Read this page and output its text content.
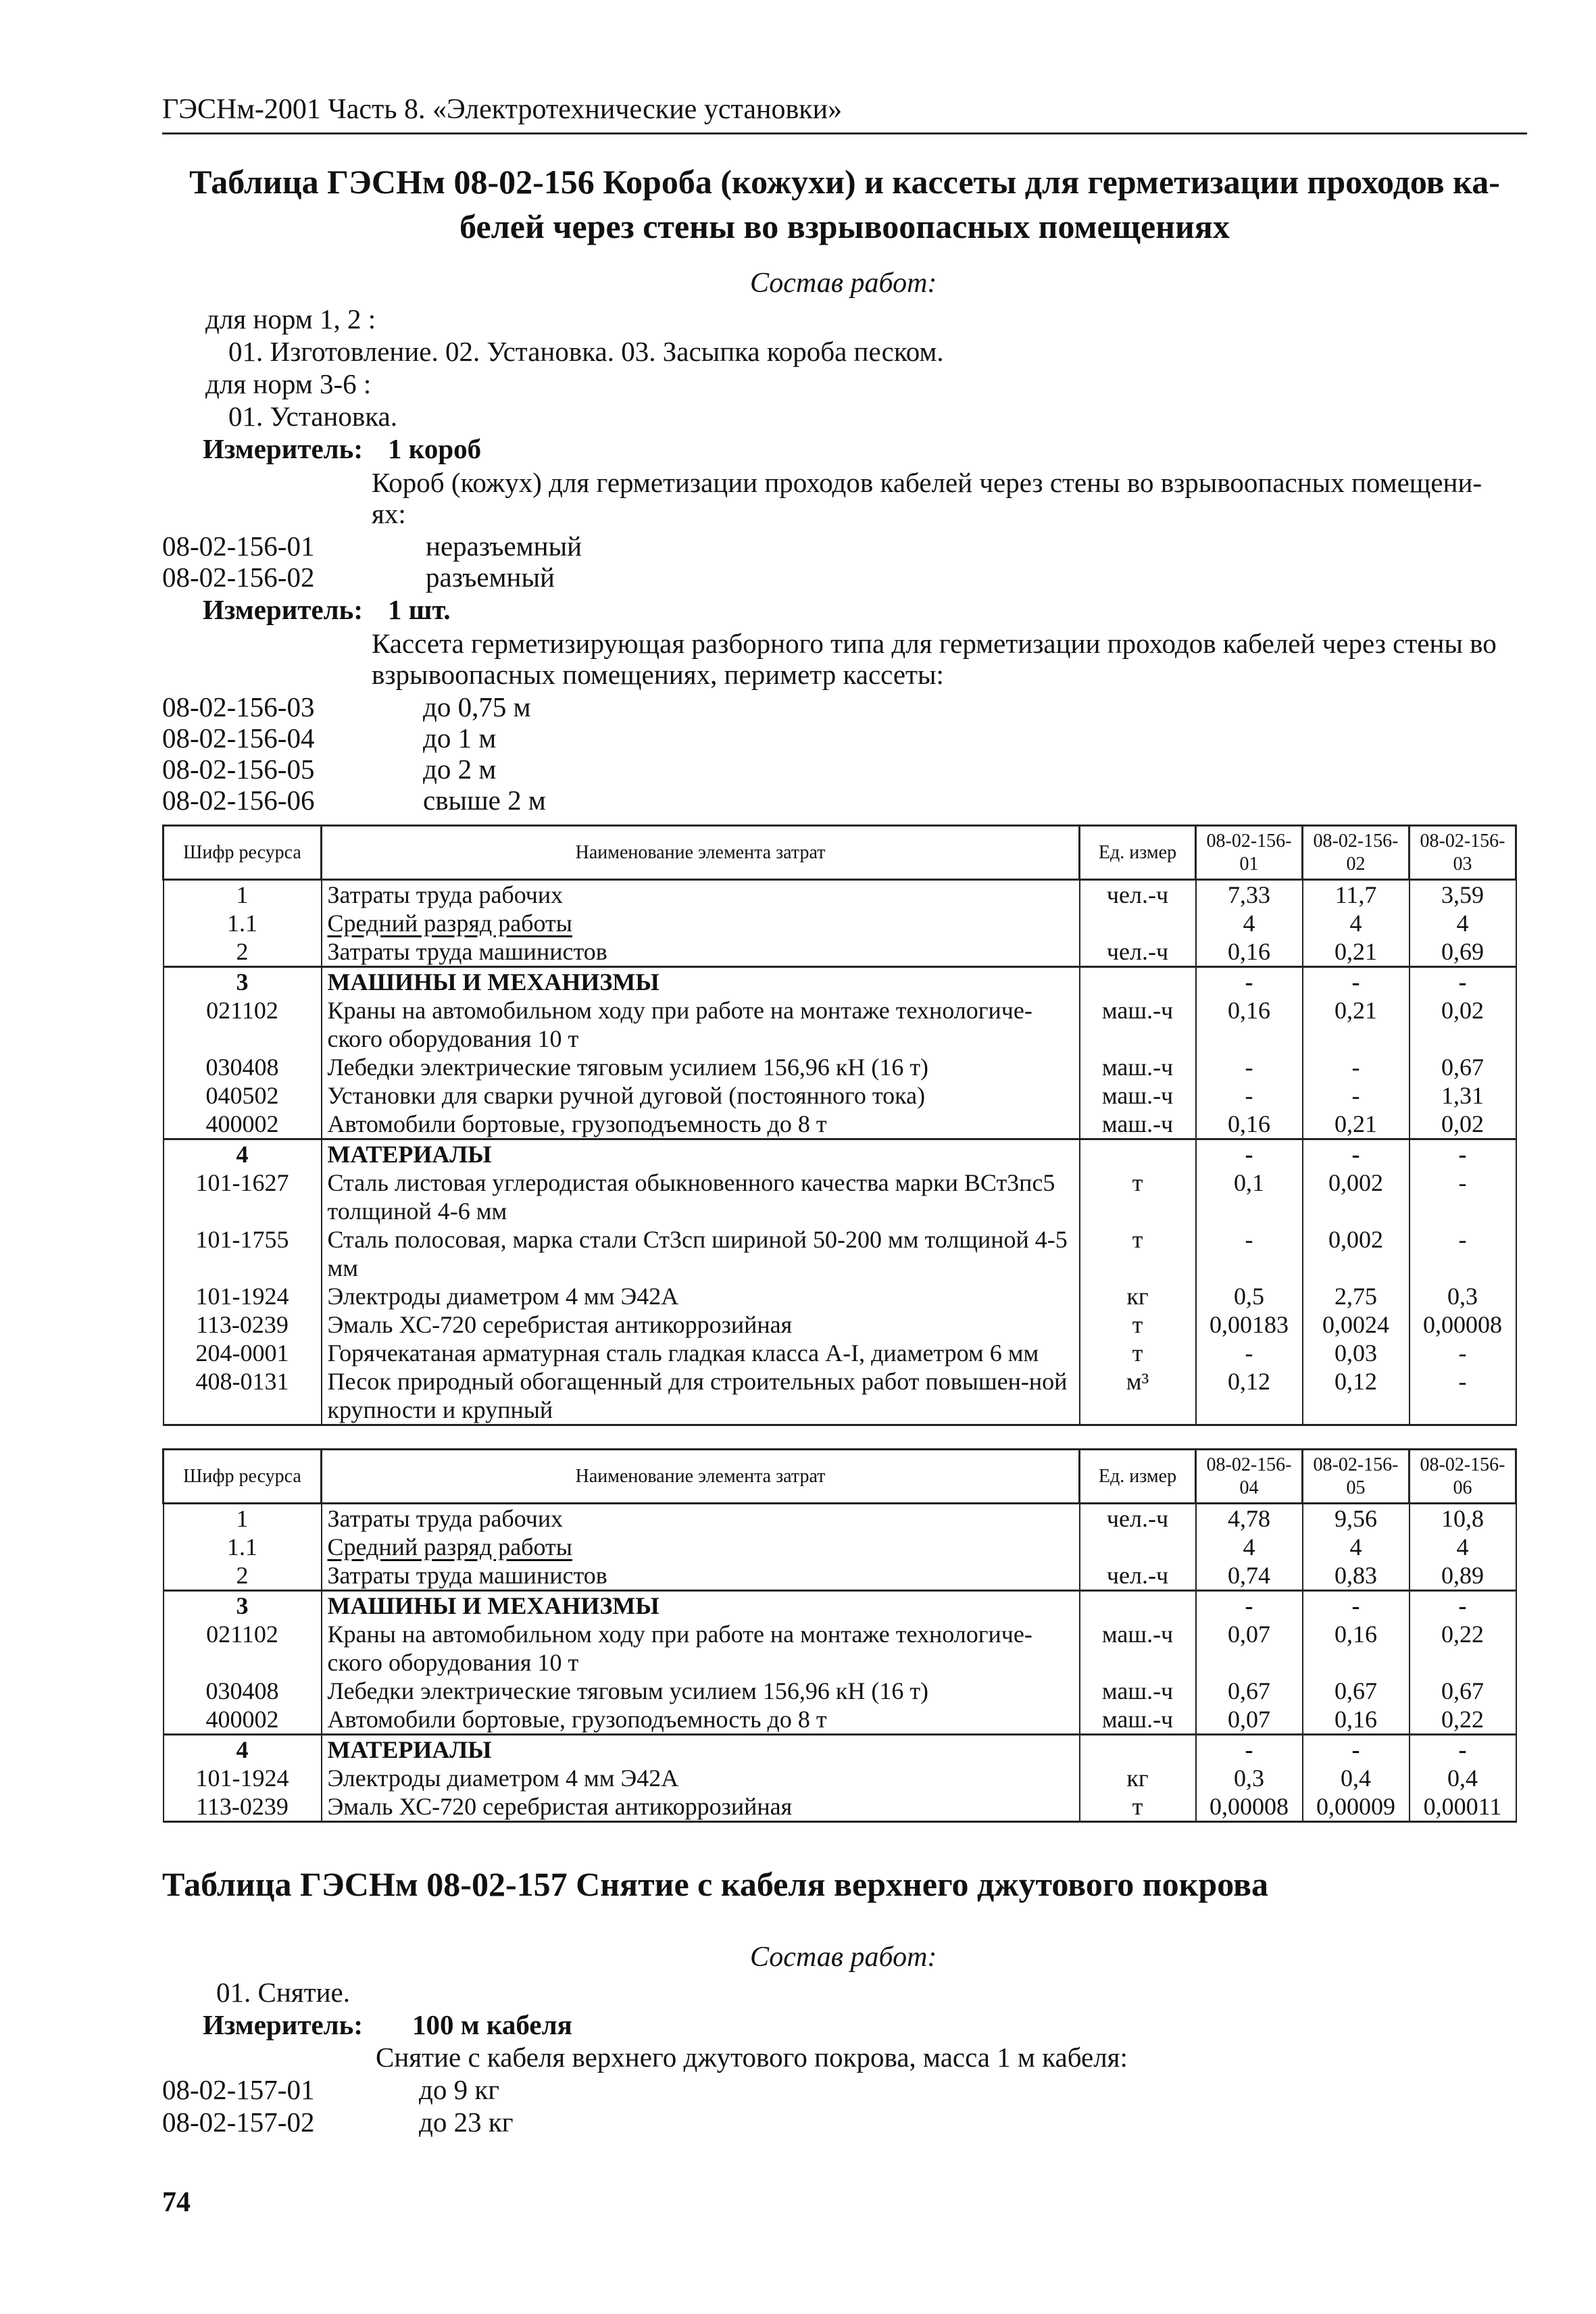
ГЭСНм-2001 Часть 8. «Электротехнические установки»
Таблица ГЭСНм 08-02-156 Короба (кожухи) и кассеты для герметизации проходов ка-
белей через стены во взрывоопасных помещениях
Состав работ:
для норм 1, 2 :
01. Изготовление. 02. Установка. 03. Засыпка короба песком.
для норм 3-6 :
01. Установка.
Измеритель: 1 короб
Короб (кожух) для герметизации проходов кабелей через стены во взрывоопасных помещени-
ях:
08-02-156-01	неразъемный
08-02-156-02	разъемный
Измеритель: 1 шт.
Кассета герметизирующая разборного типа для герметизации проходов кабелей через стены во
взрывоопасных помещениях, периметр кассеты:
08-02-156-03	до 0,75 м
08-02-156-04	до 1 м
08-02-156-05	до 2 м
08-02-156-06	свыше 2 м
Шифр ресурса	Наименование элемента затрат	Ед. измер	08-02-156-01	08-02-156-02	08-02-156-03
1	Затраты труда рабочих	чел.-ч	7,33	11,7	3,59
1.1	Средний разряд работы		4	4	4
2	Затраты труда машинистов	чел.-ч	0,16	0,21	0,69
3	МАШИНЫ И МЕХАНИЗМЫ		-	-	-
021102	Краны на автомобильном ходу при работе на монтаже технологиче-ского оборудования 10 т	маш.-ч	0,16	0,21	0,02
030408	Лебедки электрические тяговым усилием 156,96 кН (16 т)	маш.-ч	-	-	0,67
040502	Установки для сварки ручной дуговой (постоянного тока)	маш.-ч	-	-	1,31
400002	Автомобили бортовые, грузоподъемность до 8 т	маш.-ч	0,16	0,21	0,02
4	МАТЕРИАЛЫ		-	-	-
101-1627	Сталь листовая углеродистая обыкновенного качества марки ВСт3пс5 толщиной 4-6 мм	т	0,1	0,002	-
101-1755	Сталь полосовая, марка стали Ст3сп шириной 50-200 мм толщиной 4-5 мм	т	-	0,002	-
101-1924	Электроды диаметром 4 мм Э42А	кг	0,5	2,75	0,3
113-0239	Эмаль ХС-720 серебристая антикоррозийная	т	0,00183	0,0024	0,00008
204-0001	Горячекатаная арматурная сталь гладкая класса А-I, диаметром 6 мм	т	-	0,03	-
408-0131	Песок природный обогащенный для строительных работ повышен-ной крупности и крупный	м³	0,12	0,12	-
Шифр ресурса	Наименование элемента затрат	Ед. измер	08-02-156-04	08-02-156-05	08-02-156-06
1	Затраты труда рабочих	чел.-ч	4,78	9,56	10,8
1.1	Средний разряд работы		4	4	4
2	Затраты труда машинистов	чел.-ч	0,74	0,83	0,89
3	МАШИНЫ И МЕХАНИЗМЫ		-	-	-
021102	Краны на автомобильном ходу при работе на монтаже технологиче-ского оборудования 10 т	маш.-ч	0,07	0,16	0,22
030408	Лебедки электрические тяговым усилием 156,96 кН (16 т)	маш.-ч	0,67	0,67	0,67
400002	Автомобили бортовые, грузоподъемность до 8 т	маш.-ч	0,07	0,16	0,22
4	МАТЕРИАЛЫ		-	-	-
101-1924	Электроды диаметром 4 мм Э42А	кг	0,3	0,4	0,4
113-0239	Эмаль ХС-720 серебристая антикоррозийная	т	0,00008	0,00009	0,00011
Таблица ГЭСНм 08-02-157 Снятие с кабеля верхнего джутового покрова
Состав работ:
01. Снятие.
Измеритель: 100 м кабеля
Снятие с кабеля верхнего джутового покрова, масса 1 м кабеля:
08-02-157-01	до 9 кг
08-02-157-02	до 23 кг
74
